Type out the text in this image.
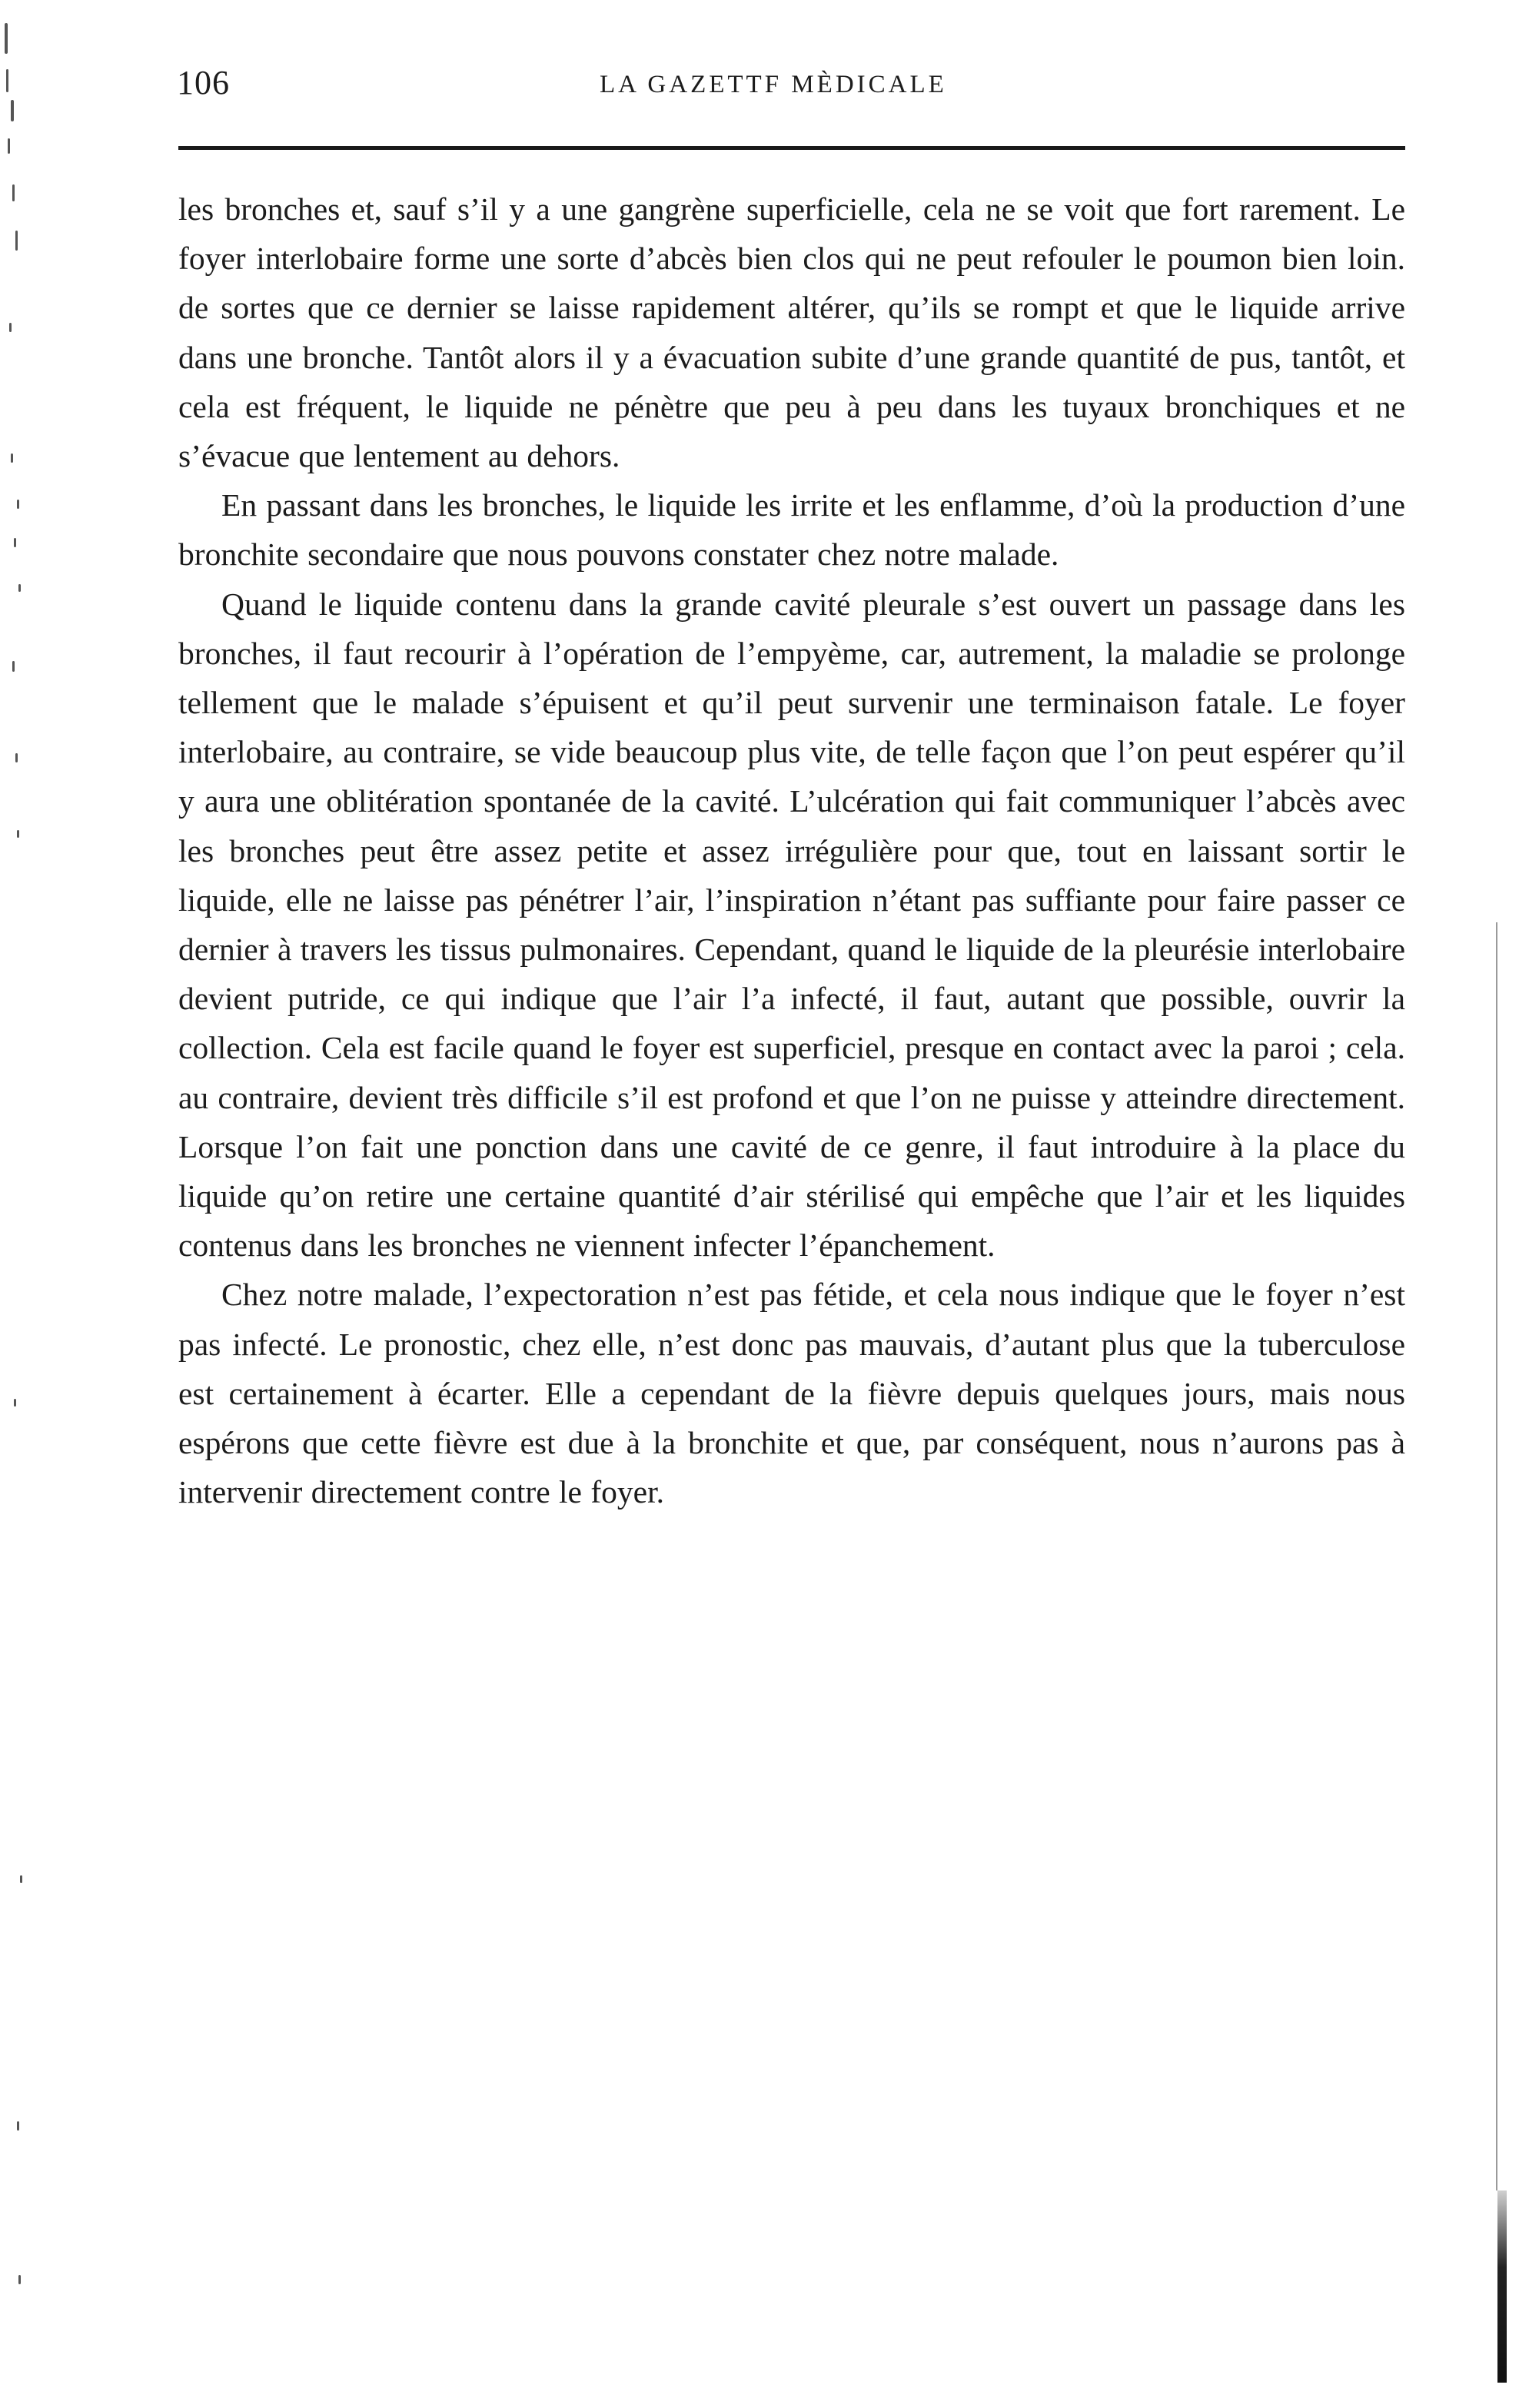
106	LA GAZETTF MÈDICALE

les bronches et, sauf s’il y a une gangrène superficielle, cela ne se voit que fort rarement. Le foyer interlobaire forme une sorte d’abcès bien clos qui ne peut refouler le poumon bien loin. de sortes que ce dernier se laisse rapidement altérer, qu’ils se rompt et que le liquide arrive dans une bronche. Tantôt alors il y a évacuation subite d’une grande quantité de pus, tantôt, et cela est fréquent, le liquide ne pénètre que peu à peu dans les tuyaux bronchiques et ne s’évacue que lentement au dehors.

En passant dans les bronches, le liquide les irrite et les enflamme, d’où la production d’une bronchite secondaire que nous pouvons constater chez notre malade.

Quand le liquide contenu dans la grande cavité pleurale s’est ouvert un passage dans les bronches, il faut recourir à l’opération de l’empyème, car, autrement, la maladie se prolonge tellement que le malade s’épuisent et qu’il peut survenir une terminaison fatale. Le foyer interlobaire, au contraire, se vide beaucoup plus vite, de telle façon que l’on peut espérer qu’il y aura une oblitération spontanée de la cavité. L’ulcération qui fait communiquer l’abcès avec les bronches peut être assez petite et assez irrégulière pour que, tout en laissant sortir le liquide, elle ne laisse pas pénétrer l’air, l’inspiration n’étant pas suffiante pour faire passer ce dernier à travers les tissus pulmonaires. Cependant, quand le liquide de la pleurésie interlobaire devient putride, ce qui indique que l’air l’a infecté, il faut, autant que possible, ouvrir la collection. Cela est facile quand le foyer est superficiel, presque en contact avec la paroi ; cela. au contraire, devient très difficile s’il est profond et que l’on ne puisse y atteindre directement. Lorsque l’on fait une ponction dans une cavité de ce genre, il faut introduire à la place du liquide qu’on retire une certaine quantité d’air stérilisé qui empêche que l’air et les liquides contenus dans les bronches ne viennent infecter l’épanchement.

Chez notre malade, l’expectoration n’est pas fétide, et cela nous indique que le foyer n’est pas infecté. Le pronostic, chez elle, n’est donc pas mauvais, d’autant plus que la tuberculose est certainement à écarter. Elle a cependant de la fièvre depuis quelques jours, mais nous espérons que cette fièvre est due à la bronchite et que, par conséquent, nous n’aurons pas à intervenir directement contre le foyer.
